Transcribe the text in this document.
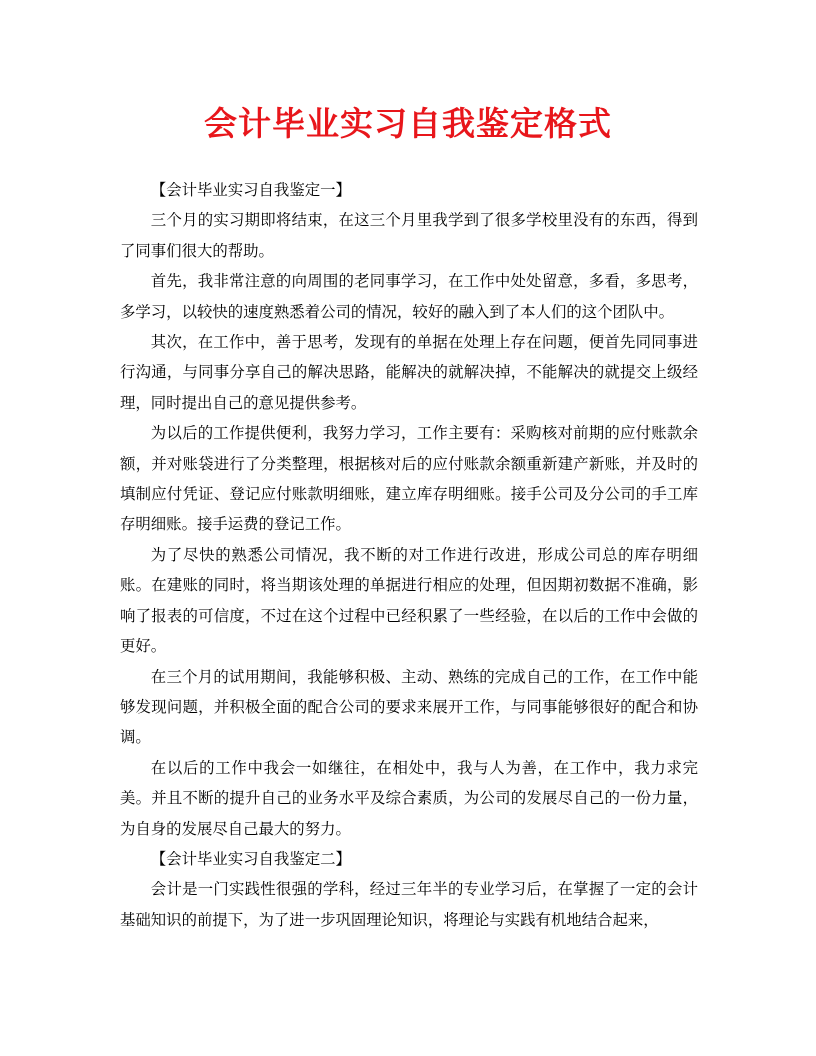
会计毕业实习自我鉴定格式

【会计毕业实习自我鉴定一】

三个月的实习期即将结束，在这三个月里我学到了很多学校里没有的东西，得到了同事们很大的帮助。

首先，我非常注意的向周围的老同事学习，在工作中处处留意，多看，多思考，多学习，以较快的速度熟悉着公司的情况，较好的融入到了本人们的这个团队中。

其次，在工作中，善于思考，发现有的单据在处理上存在问题，便首先同同事进行沟通，与同事分享自己的解决思路，能解决的就解决掉，不能解决的就提交上级经理，同时提出自己的意见提供参考。

为以后的工作提供便利，我努力学习，工作主要有：采购核对前期的应付账款余额，并对账袋进行了分类整理，根据核对后的应付账款余额重新建产新账，并及时的填制应付凭证、登记应付账款明细账，建立库存明细账。接手公司及分公司的手工库存明细账。接手运费的登记工作。

为了尽快的熟悉公司情况，我不断的对工作进行改进，形成公司总的库存明细账。在建账的同时，将当期该处理的单据进行相应的处理，但因期初数据不准确，影响了报表的可信度，不过在这个过程中已经积累了一些经验，在以后的工作中会做的更好。

在三个月的试用期间，我能够积极、主动、熟练的完成自己的工作，在工作中能够发现问题，并积极全面的配合公司的要求来展开工作，与同事能够很好的配合和协调。

在以后的工作中我会一如继往，在相处中，我与人为善，在工作中，我力求完美。并且不断的提升自己的业务水平及综合素质，为公司的发展尽自己的一份力量，为自身的发展尽自己最大的努力。

【会计毕业实习自我鉴定二】

会计是一门实践性很强的学科，经过三年半的专业学习后，在掌握了一定的会计基础知识的前提下，为了进一步巩固理论知识，将理论与实践有机地结合起来，
